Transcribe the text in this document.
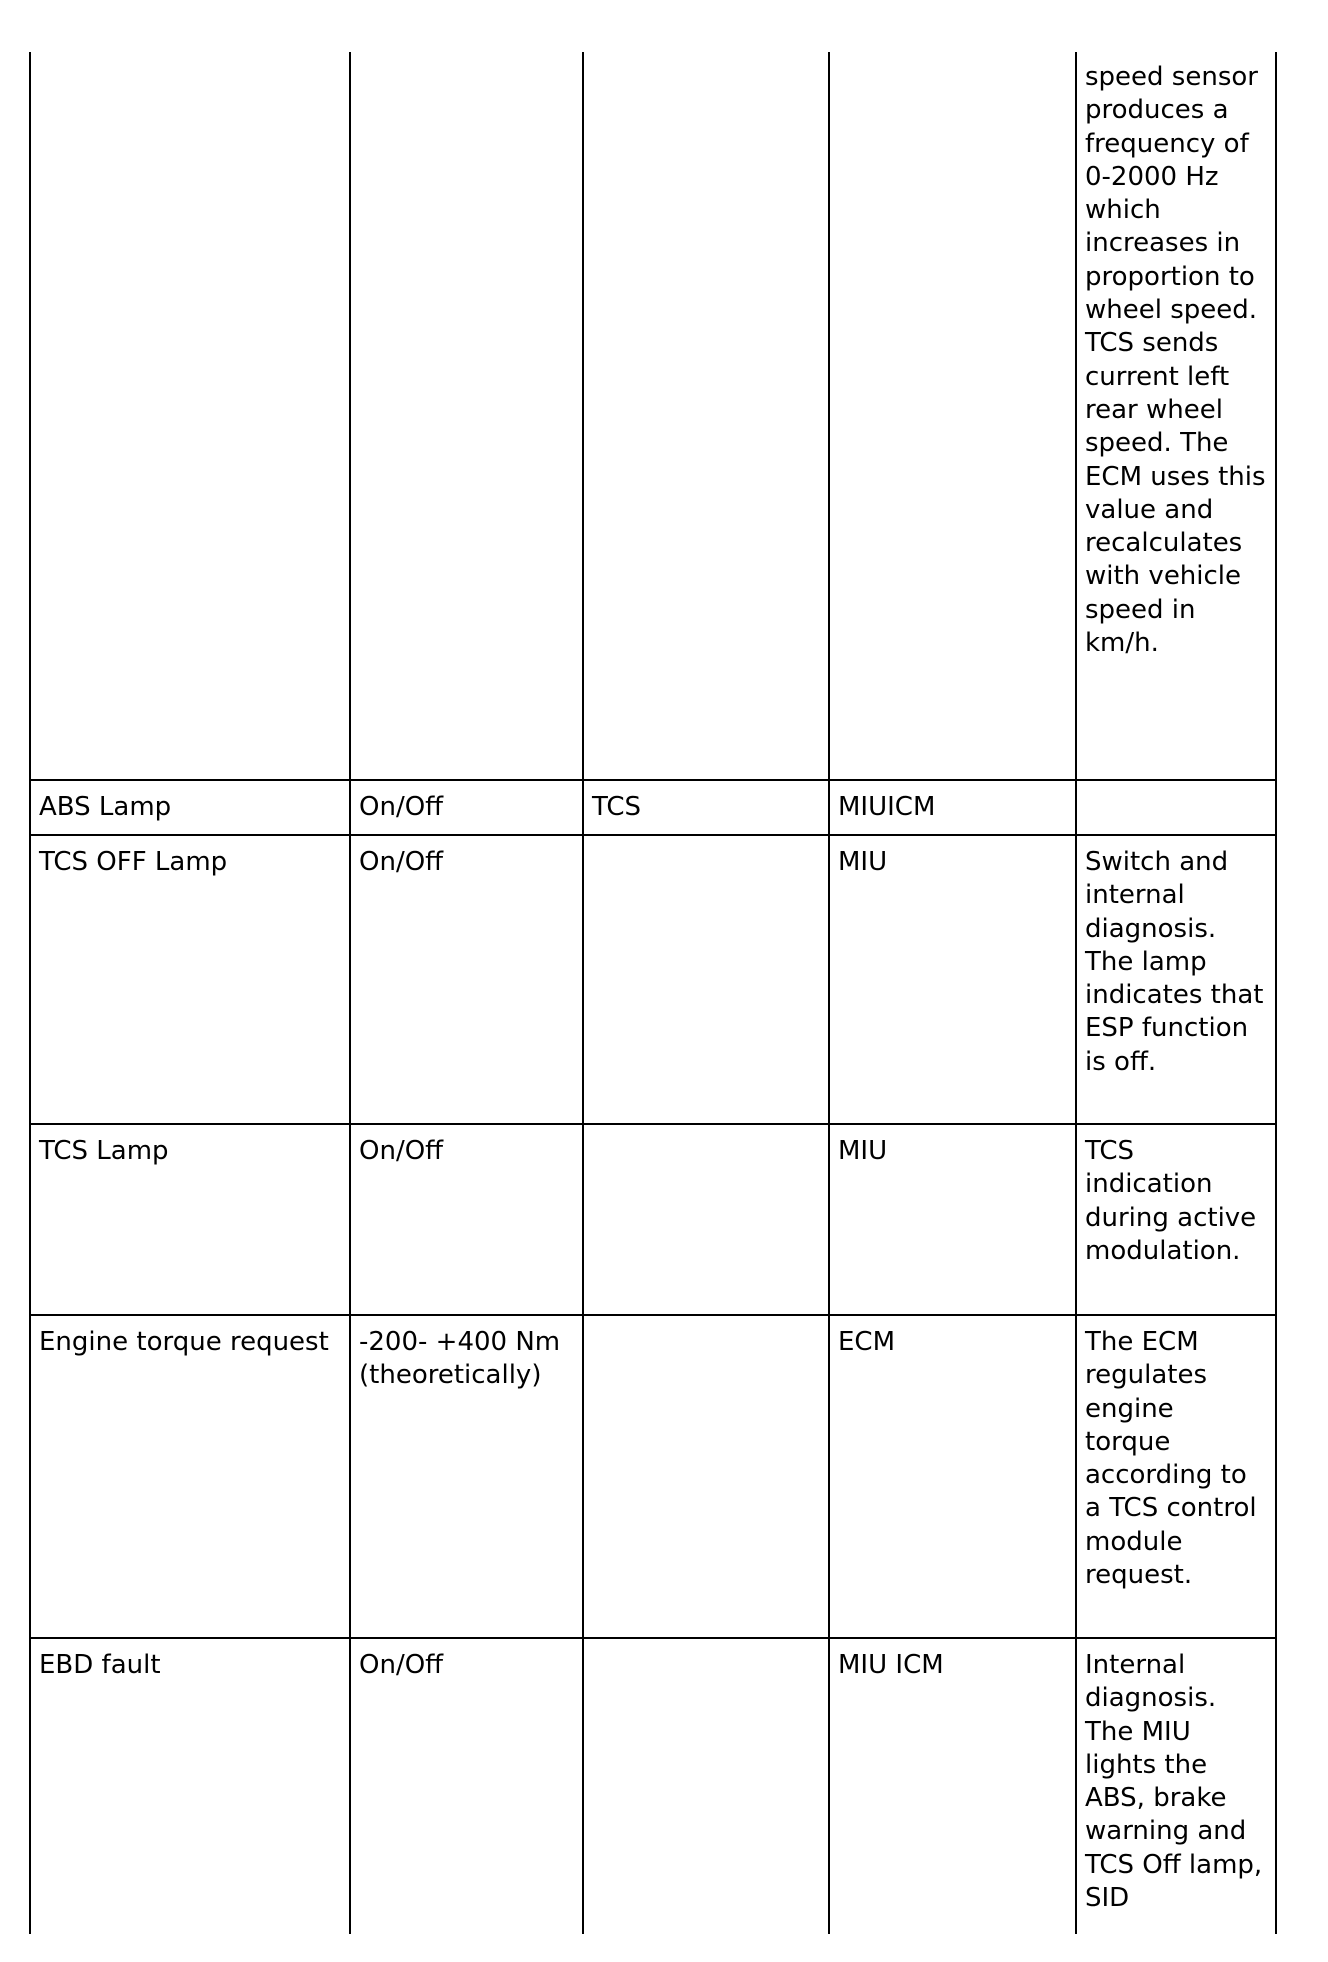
				speed sensor produces a frequency of 0-2000 Hz which increases in proportion to wheel speed. TCS sends current left rear wheel speed. The ECM uses this value and recalculates with vehicle speed in km/h.
ABS Lamp	On/Off	TCS	MIUICM	
TCS OFF Lamp	On/Off		MIU	Switch and internal diagnosis. The lamp indicates that ESP function is off.
TCS Lamp	On/Off		MIU	TCS indication during active modulation.
Engine torque request	-200- +400 Nm (theoretically)		ECM	The ECM regulates engine torque according to a TCS control module request.
EBD fault	On/Off		MIU ICM	Internal diagnosis. The MIU lights the ABS, brake warning and TCS Off lamp, SID
